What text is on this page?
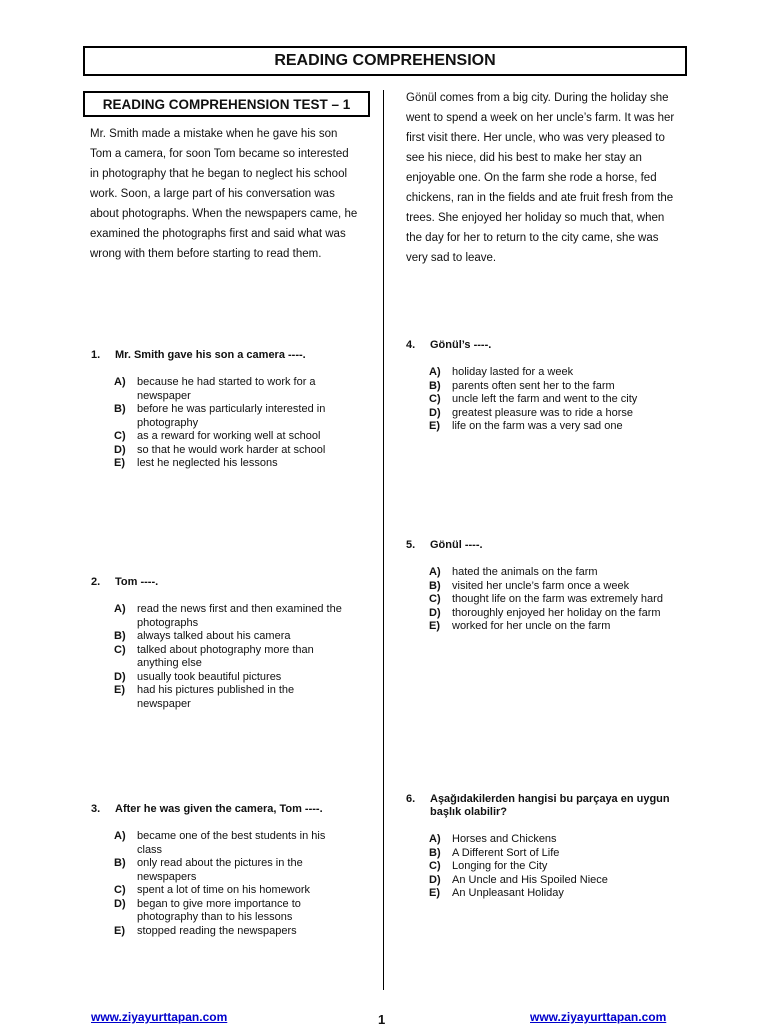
READING COMPREHENSION
READING COMPREHENSION TEST – 1
Mr. Smith made a mistake when he gave his son Tom a camera, for soon Tom became so interested in photography that he began to neglect his school work. Soon, a large part of his conversation was about photographs. When the newspapers came, he examined the photographs first and said what was wrong with them before starting to read them.
Gönül comes from a big city. During the holiday she went to spend a week on her uncle’s farm. It was her first visit there. Her uncle, who was very pleased to see his niece, did his best to make her stay an enjoyable one. On the farm she rode a horse, fed chickens, ran in the fields and ate fruit fresh from the trees. She enjoyed her holiday so much that, when the day for her to return to the city came, she was very sad to leave.
1.	Mr. Smith gave his son a camera ----.
A)	because he had started to work for a newspaper
B)	before he was particularly interested in photography
C)	as a reward for working well at school
D)	so that he would work harder at school
E)	lest he neglected his lessons
2.	Tom ----.
A)	read the news first and then examined the photographs
B)	always talked about his camera
C)	talked about photography more than anything else
D)	usually took beautiful pictures
E)	had his pictures published in the newspaper
3.	After he was given the camera, Tom ----.
A)	became one of the best students in his class
B)	only read about the pictures in the newspapers
C)	spent a lot of time on his homework
D)	began to give more importance to photography than to his lessons
E)	stopped reading the newspapers
4.	Gönül’s ----.
A)	holiday lasted for a week
B)	parents often sent her to the farm
C)	uncle left the farm and went to the city
D)	greatest pleasure was to ride a horse
E)	life on the farm was a very sad one
5.	Gönül ----.
A)	hated the animals on the farm
B)	visited her uncle’s farm once a week
C)	thought life on the farm was extremely hard
D)	thoroughly enjoyed her holiday on the farm
E)	worked for her uncle on the farm
6.	Aşağıdakilerden hangisi bu parçaya en uygun başlık olabilir?
A)	Horses and Chickens
B)	A Different Sort of Life
C)	Longing for the City
D)	An Uncle and His Spoiled Niece
E)	An Unpleasant Holiday
www.ziyayurttapan.com	1	www.ziyayurttapan.com
